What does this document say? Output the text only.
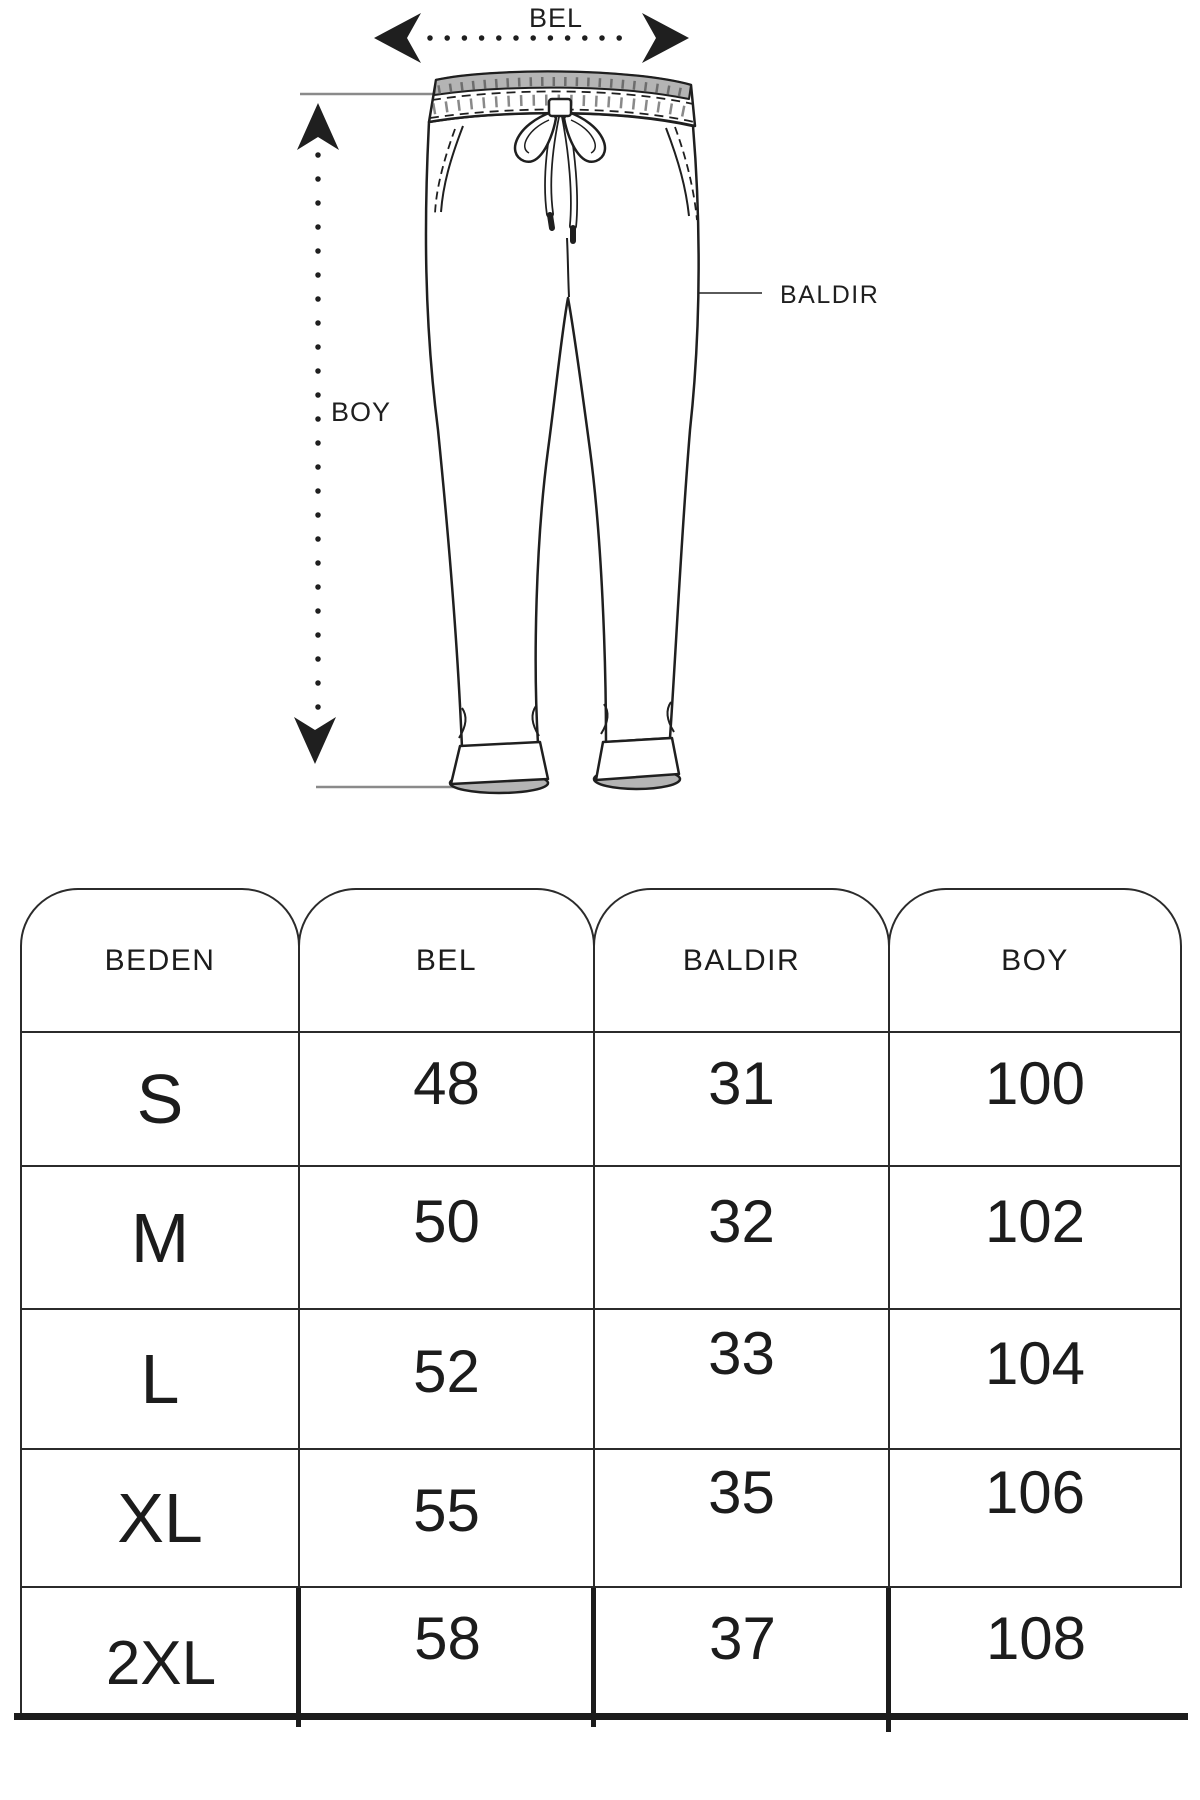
BEL
BOY
BALDIR
BEDEN	BEL	BALDIR	BOY
S	48	31	100
M	50	32	102
L	52	33	104
XL	55	35	106
2XL	58	37	108
